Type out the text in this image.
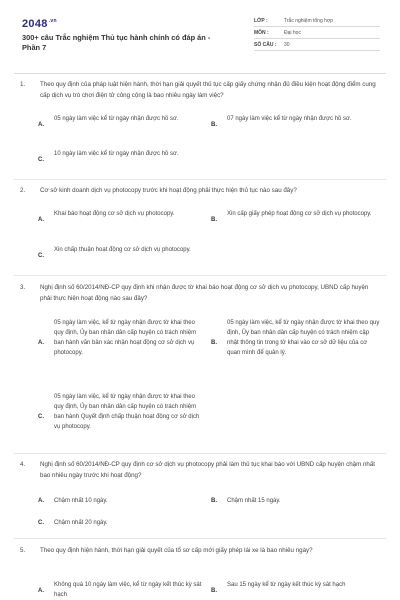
$2048^{.vn}$
300+ câu Trắc nghiệm Thủ tục hành chính có đáp án - Phần 7
LỚP :	Trắc nghiệm tổng hợp
MÔN :	Đại học
SỐ CÂU :	30
1. Theo quy định của pháp luật hiện hành, thời hạn giải quyết thủ tục cấp giấy chứng nhận đủ điều kiện hoạt động điểm cung cấp dịch vụ trò chơi điện tử công cộng là bao nhiêu ngày làm việc?
A.
05 ngày làm việc kể từ ngày nhận được hồ sơ.
B.
07 ngày làm việc kể từ ngày nhận được hồ sơ.
C.
10 ngày làm việc kể từ ngày nhận được hồ sơ.
2. Cơ sở kinh doanh dịch vụ photocopy trước khi hoạt động phải thực hiện thủ tục nào sau đây?
A.
Khai báo hoạt động cơ sở dịch vụ photocopy.
B.
Xin cấp giấy phép hoạt động cơ sở dịch vụ photocopy.
C.
Xin chấp thuận hoạt động cơ sở dịch vụ photocopy.
3. Nghị định số 60/2014/NĐ-CP quy định khi nhận được tờ khai báo hoạt động cơ sở dịch vụ photocopy, UBND cấp huyện phải thực hiện hoạt động nào sau đây?
A.
05 ngày làm việc, kể từ ngày nhận được tờ khai theo quy định, Ủy ban nhân dân cấp huyện có trách nhiệm ban hành văn bản xác nhận hoạt động cơ sở dịch vụ photocopy.
B.
05 ngày làm việc, kể từ ngày nhận được tờ khai theo quy định, Ủy ban nhân dân cấp huyện có trách nhiệm cập nhật thông tin trong tờ khai vào cơ sở dữ liệu của cơ quan mình để quản lý.
C.
05 ngày làm việc, kể từ ngày nhận được tờ khai theo quy định, Ủy ban nhân dân cấp huyện có trách nhiệm ban hành Quyết định chấp thuận hoạt động cơ sở dịch vụ photocopy.
4. Nghị định số 60/2014/NĐ-CP quy định cơ sở dịch vụ photocopy phải làm thủ tục khai báo với UBND cấp huyện chậm nhất bao nhiêu ngày trước khi hoạt động?
A. Chậm nhất 10 ngày.	B. Chậm nhất 15 ngày.
C. Chậm nhất 20 ngày.
5. Theo quy định hiện hành, thời hạn giải quyết của tổ sơ cấp mới giấy phép lái xe là bao nhiêu ngày?
A.
Không quá 10 ngày làm việc, kể từ ngày kết thúc kỳ sát hạch
B.
Sau 15 ngày kể từ ngày kết thúc kỳ sát hạch
